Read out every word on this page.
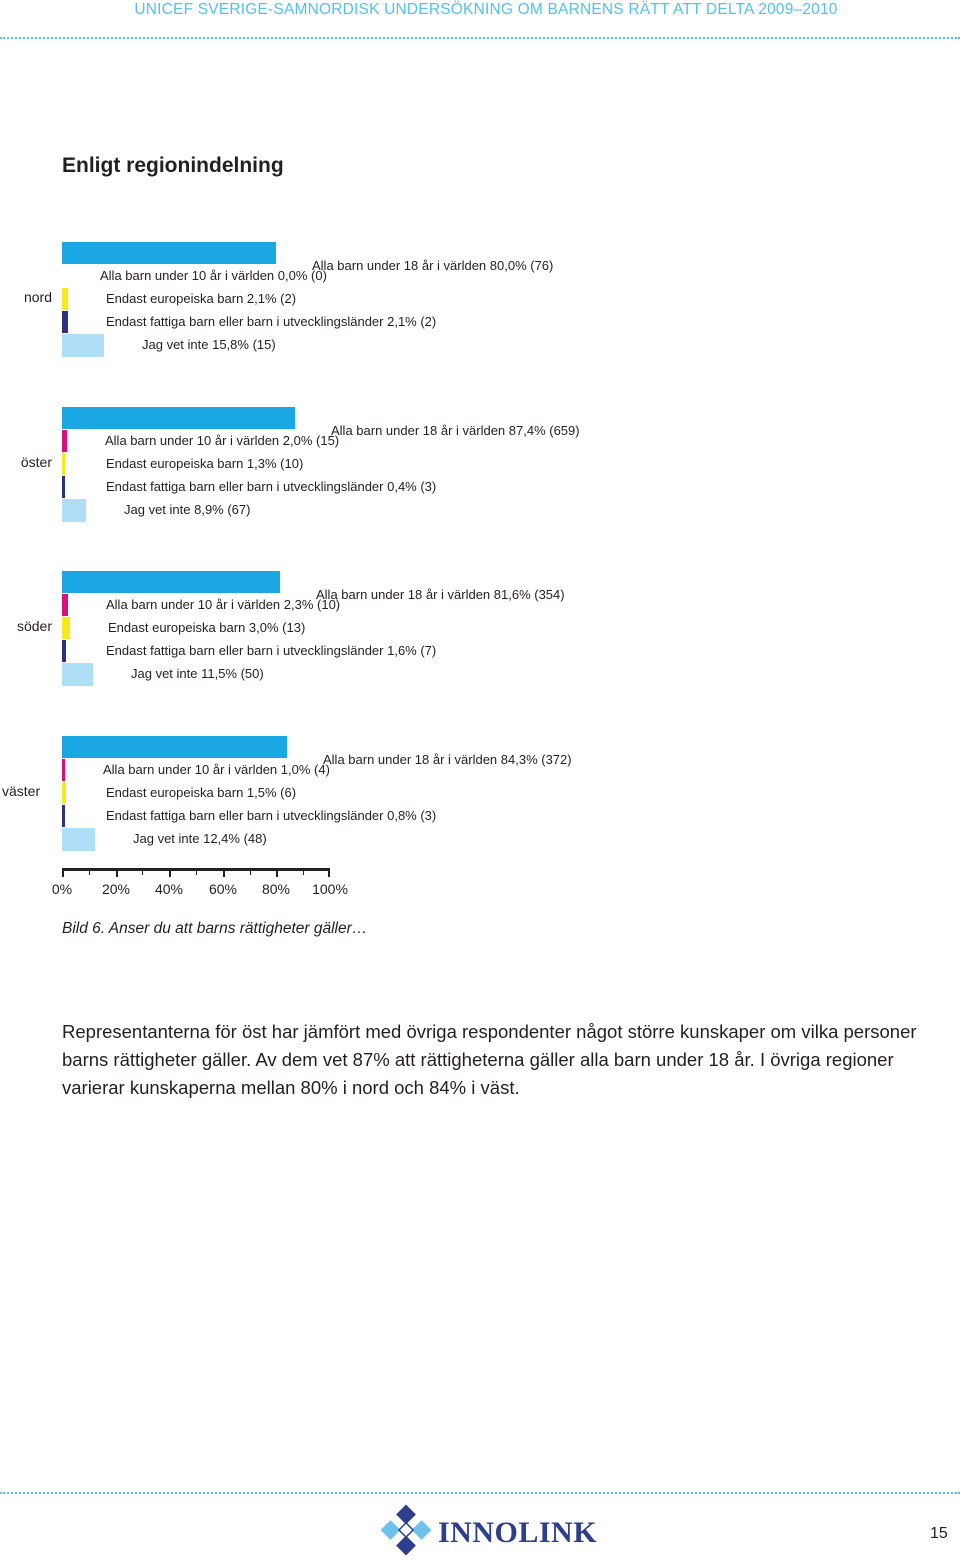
UNICEF SVERIGE-SAMNORDISK UNDERSÖKNING OM BARNENS RÄTT ATT DELTA 2009–2010
Enligt regionindelning
nord
Alla barn under 18 år i världen 80,0% (76)
Alla barn under 10 år i världen 0,0% (0)
Endast europeiska barn 2,1% (2)
Endast fattiga barn eller barn i utvecklingsländer 2,1% (2)
Jag vet inte 15,8% (15)
öster
Alla barn under 18 år i världen 87,4% (659)
Alla barn under 10 år i världen 2,0% (15)
Endast europeiska barn 1,3% (10)
Endast fattiga barn eller barn i utvecklingsländer 0,4% (3)
Jag vet inte 8,9% (67)
söder
Alla barn under 18 år i världen 81,6% (354)
Alla barn under 10 år i världen 2,3% (10)
Endast europeiska barn 3,0% (13)
Endast fattiga barn eller barn i utvecklingsländer 1,6% (7)
Jag vet inte 11,5% (50)
väster
Alla barn under 18 år i världen 84,3% (372)
Alla barn under 10 år i världen 1,0% (4)
Endast europeiska barn 1,5% (6)
Endast fattiga barn eller barn i utvecklingsländer 0,8% (3)
Jag vet inte 12,4% (48)
0% 20% 40% 60% 80% 100%
Bild 6. Anser du att barns rättigheter gäller…

Representanterna för öst har jämfört med övriga respondenter något större kunskaper om vilka personer barns rättigheter gäller. Av dem vet 87% att rättigheterna gäller alla barn under 18 år. I övriga regioner varierar kunskaperna mellan 80% i nord och 84% i väst.

INNOLINK	15
